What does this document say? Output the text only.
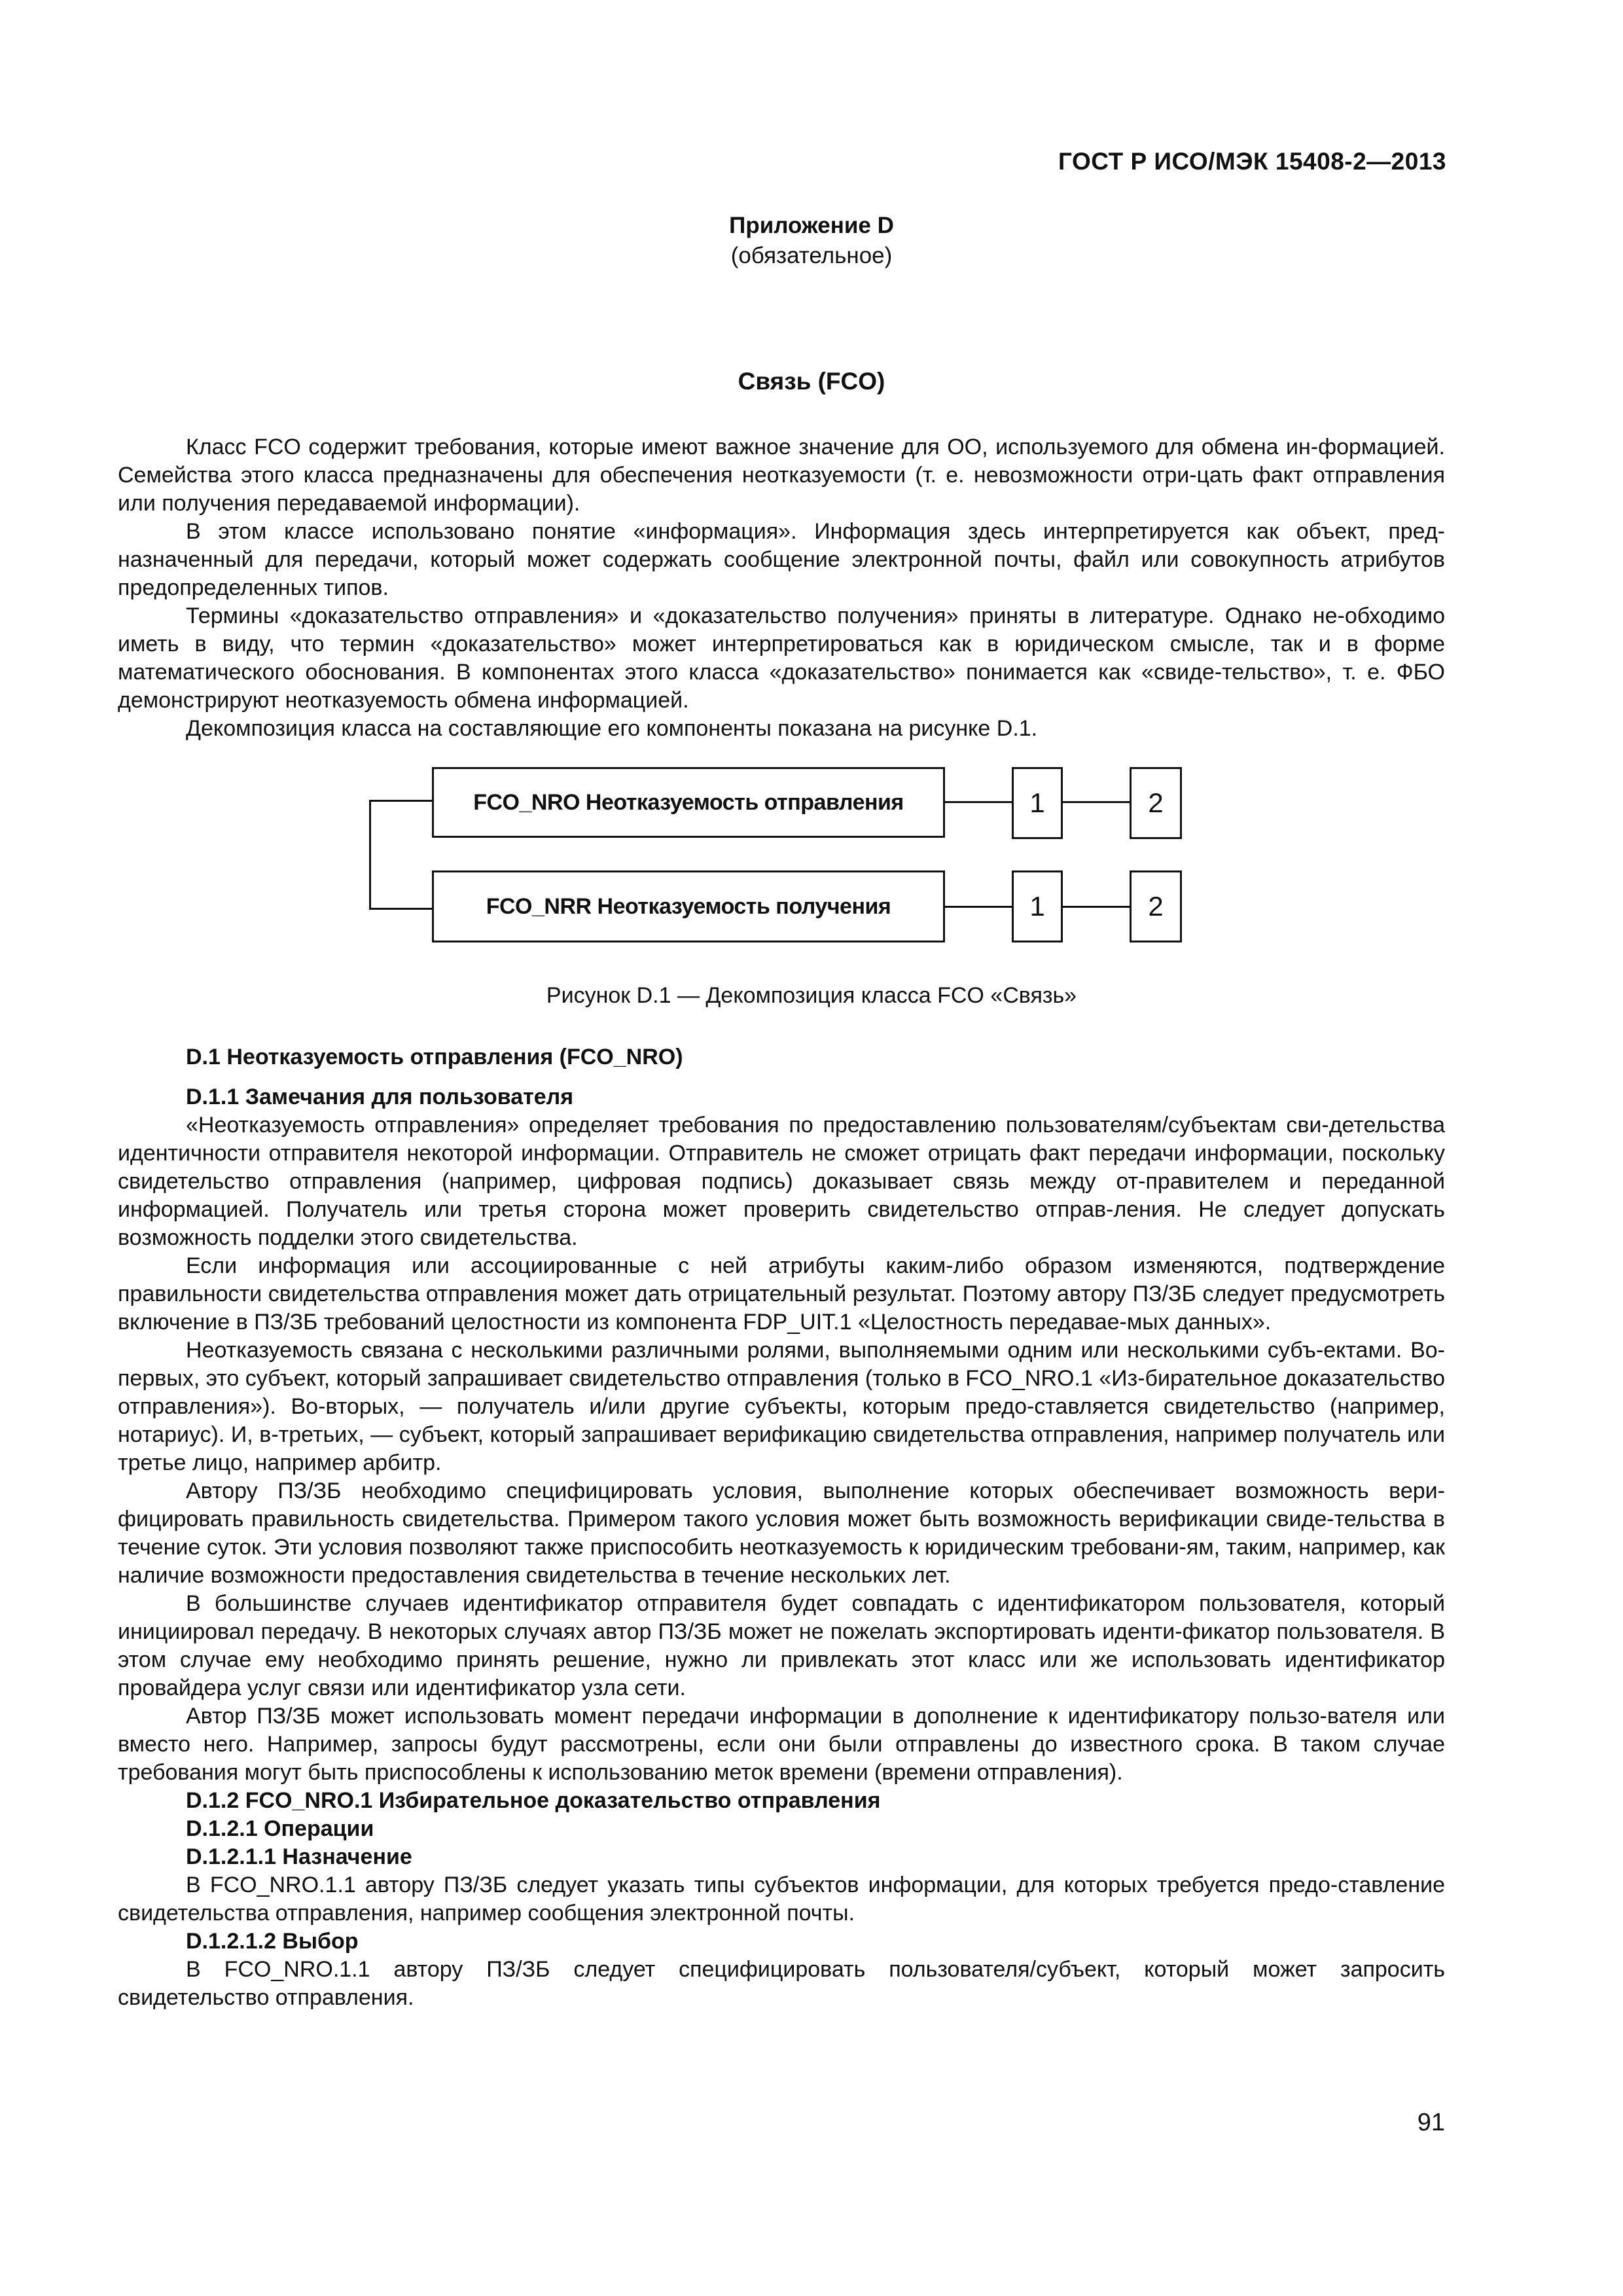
ГОСТ Р ИСО/МЭК 15408-2—2013
Приложение D
(обязательное)
Связь (FCO)

Класс FCO содержит требования, которые имеют важное значение для ОО, используемого для обмена ин-формацией. Семейства этого класса предназначены для обеспечения неотказуемости (т. е. невозможности отри-цать факт отправления или получения передаваемой информации).

В этом классе использовано понятие «информация». Информация здесь интерпретируется как объект, пред-назначенный для передачи, который может содержать сообщение электронной почты, файл или совокупность атрибутов предопределенных типов.

Термины «доказательство отправления» и «доказательство получения» приняты в литературе. Однако не-обходимо иметь в виду, что термин «доказательство» может интерпретироваться как в юридическом смысле, так и в форме математического обоснования. В компонентах этого класса «доказательство» понимается как «свиде-тельство», т. е. ФБО демонстрируют неотказуемость обмена информацией.

Декомпозиция класса на составляющие его компоненты показана на рисунке D.1.

FCO_NRO Неотказуемость отправления
FCO_NRR Неотказуемость получения
1
1
2
2
Рисунок D.1 — Декомпозиция класса FCO «Связь»

D.1 Неотказуемость отправления (FCO_NRO)

D.1.1 Замечания для пользователя

«Неотказуемость отправления» определяет требования по предоставлению пользователям/субъектам сви-детельства идентичности отправителя некоторой информации. Отправитель не сможет отрицать факт передачи информации, поскольку свидетельство отправления (например, цифровая подпись) доказывает связь между от-правителем и переданной информацией. Получатель или третья сторона может проверить свидетельство отправ-ления. Не следует допускать возможность подделки этого свидетельства.

Если информация или ассоциированные с ней атрибуты каким-либо образом изменяются, подтверждение правильности свидетельства отправления может дать отрицательный результат. Поэтому автору ПЗ/ЗБ следует предусмотреть включение в ПЗ/ЗБ требований целостности из компонента FDP_UIT.1 «Целостность передавае-мых данных».

Неотказуемость связана с несколькими различными ролями, выполняемыми одним или несколькими субъ-ектами. Во-первых, это субъект, который запрашивает свидетельство отправления (только в FCO_NRO.1 «Из-бирательное доказательство отправления»). Во-вторых, — получатель и/или другие субъекты, которым предо-ставляется свидетельство (например, нотариус). И, в-третьих, — субъект, который запрашивает верификацию свидетельства отправления, например получатель или третье лицо, например арбитр.

Автору ПЗ/ЗБ необходимо специфицировать условия, выполнение которых обеспечивает возможность вери-фицировать правильность свидетельства. Примером такого условия может быть возможность верификации свиде-тельства в течение суток. Эти условия позволяют также приспособить неотказуемость к юридическим требовани-ям, таким, например, как наличие возможности предоставления свидетельства в течение нескольких лет.

В большинстве случаев идентификатор отправителя будет совпадать с идентификатором пользователя, который инициировал передачу. В некоторых случаях автор ПЗ/ЗБ может не пожелать экспортировать иденти-фикатор пользователя. В этом случае ему необходимо принять решение, нужно ли привлекать этот класс или же использовать идентификатор провайдера услуг связи или идентификатор узла сети.

Автор ПЗ/ЗБ может использовать момент передачи информации в дополнение к идентификатору пользо-вателя или вместо него. Например, запросы будут рассмотрены, если они были отправлены до известного срока. В таком случае требования могут быть приспособлены к использованию меток времени (времени отправления).

D.1.2 FCO_NRO.1 Избирательное доказательство отправления

D.1.2.1 Операции

D.1.2.1.1 Назначение

В FCO_NRO.1.1 автору ПЗ/ЗБ следует указать типы субъектов информации, для которых требуется предо-ставление свидетельства отправления, например сообщения электронной почты.

D.1.2.1.2 Выбор

В FCO_NRO.1.1 автору ПЗ/ЗБ следует специфицировать пользователя/субъект, который может запросить свидетельство отправления.

91
